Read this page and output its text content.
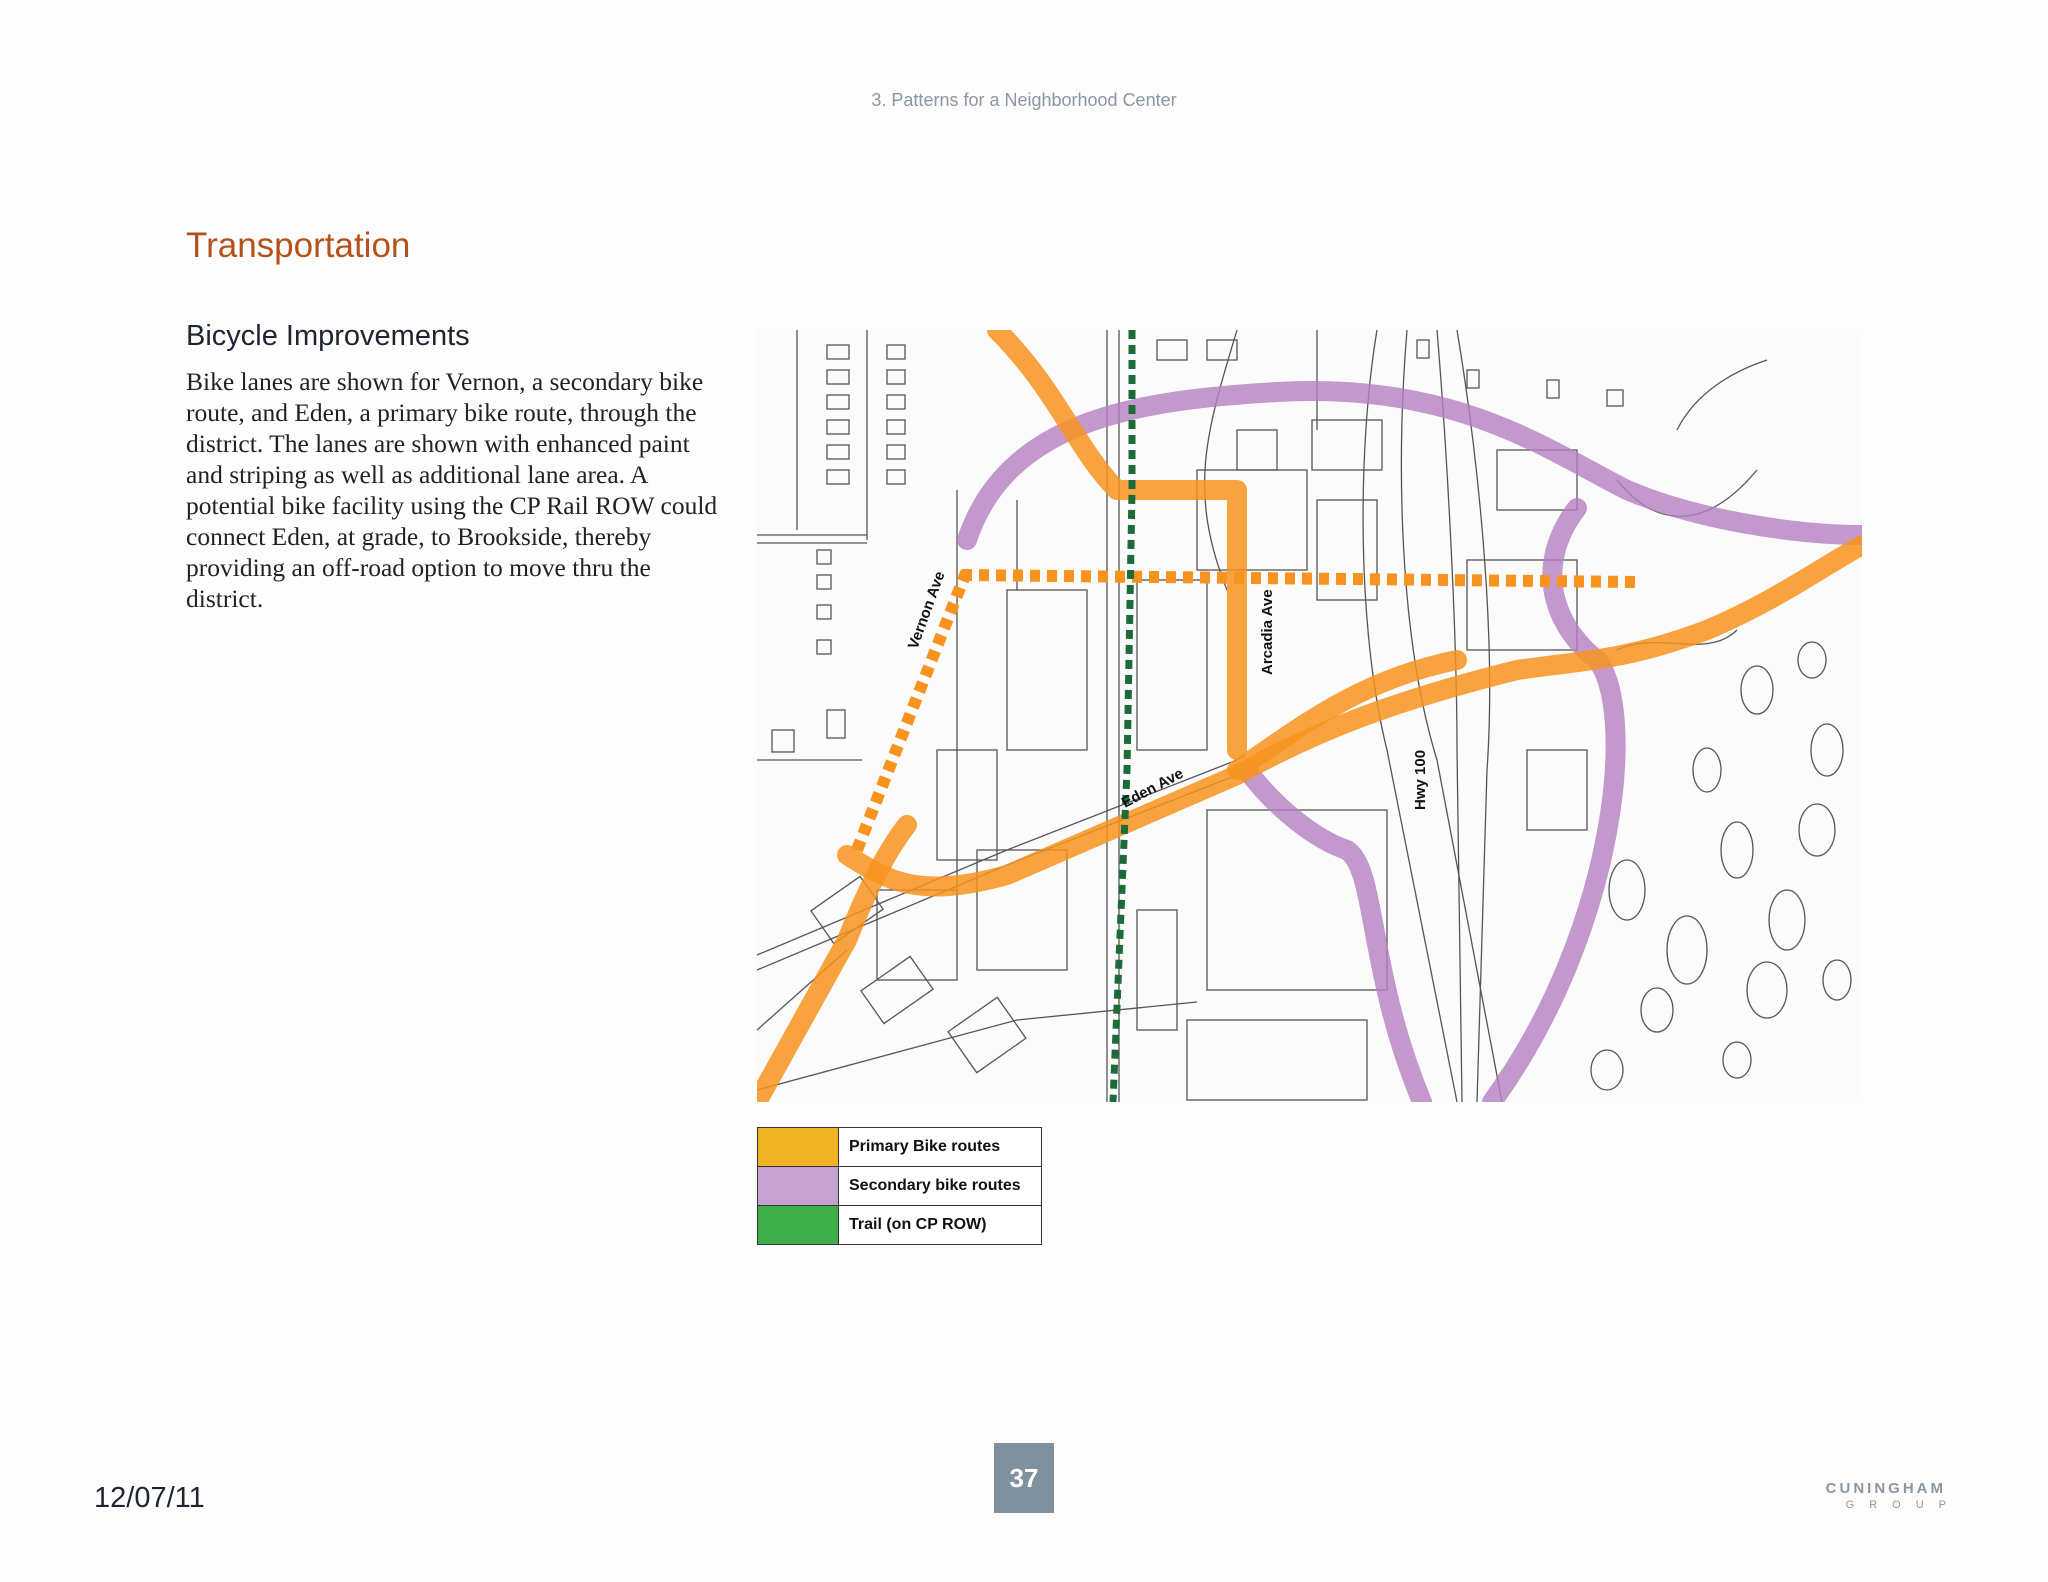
3. Patterns for a Neighborhood Center
Transportation
Bicycle Improvements
Bike lanes are shown for Vernon, a secondary bike route, and Eden, a primary bike route, through the district. The lanes are shown with enhanced paint and striping as well as additional lane area. A potential bike facility using the CP Rail ROW could connect Eden, at grade, to Brookside, thereby providing an off-road option to move thru the district.	Vernon Ave	Arcadia Ave
Eden Ave	Hwy 100
Primary Bike routes
Secondary bike routes
Trail (on CP ROW)
12/07/11
37	CUNINGHAM
GROUP
